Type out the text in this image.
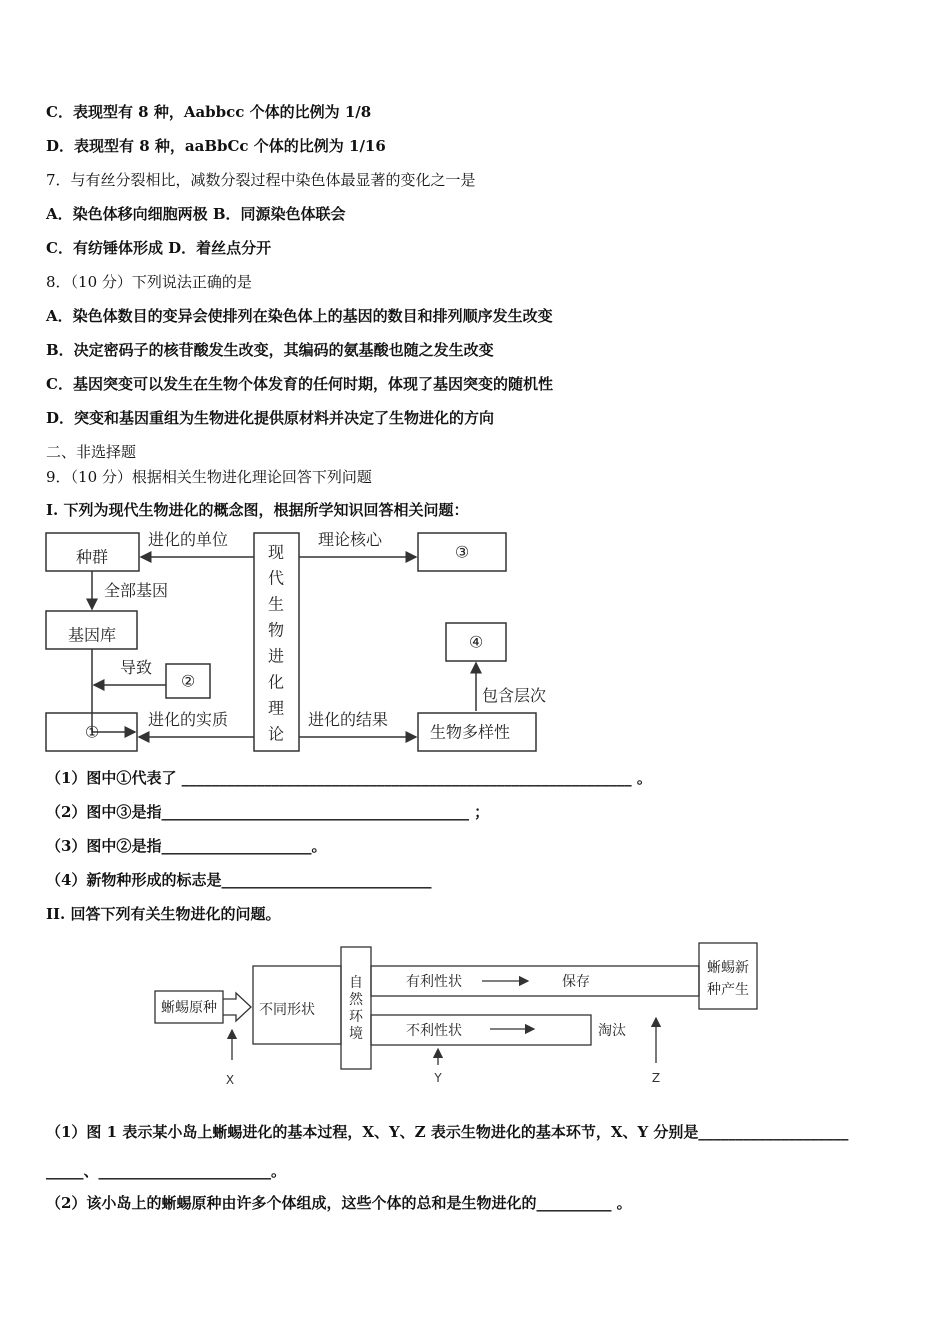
C．表现型有 8 种，Aabbcc 个体的比例为 1/8
D．表现型有 8 种，aaBbCc 个体的比例为 1/16
7．与有丝分裂相比，减数分裂过程中染色体最显著的变化之一是
A．染色体移向细胞两极 B．同源染色体联会
C．有纺锤体形成 D．着丝点分开
8．（10 分）下列说法正确的是
A．染色体数目的变异会使排列在染色体上的基因的数目和排列顺序发生改变
B．决定密码子的核苷酸发生改变，其编码的氨基酸也随之发生改变
C．基因突变可以发生在生物个体发育的任何时期，体现了基因突变的随机性
D．突变和基因重组为生物进化提供原材料并决定了生物进化的方向
二、非选择题
9．（10 分）根据相关生物进化理论回答下列问题
I. 下列为现代生物进化的概念图，根据所学知识回答相关问题：
种群
进化的单位
全部基因
基因库
导致
②
①
进化的实质
现
代
生
物
进
化
理
论
理论核心
③
④
包含层次
进化的结果
生物多样性
（1）图中①代表了 ____________________________________________________________ 。
（2）图中③是指_________________________________________ ；
（3）图中②是指____________________。
（4）新物种形成的标志是____________________________
II. 回答下列有关生物进化的问题。
蜥蜴原种	不同形状
自
然
环
境
有利性状	保存
不利性状	淘汰
蜥蜴新
种产生
X	Y	Z
（1）图 1 表示某小岛上蜥蜴进化的基本过程，X、Y、Z 表示生物进化的基本环节，X、Y 分别是____________________
_____、_______________________。
（2）该小岛上的蜥蜴原种由许多个体组成，这些个体的总和是生物进化的__________ 。
